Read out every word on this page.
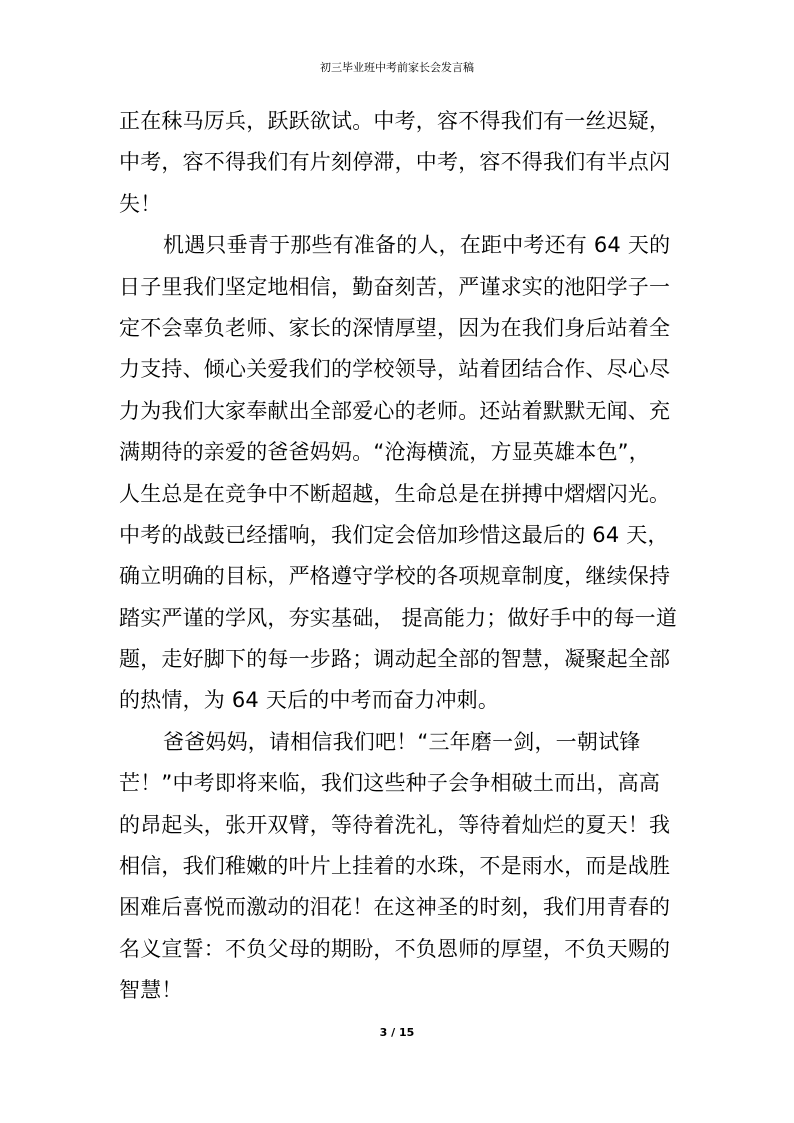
初三毕业班中考前家长会发言稿
正在秣马厉兵，跃跃欲试。中考，容不得我们有一丝迟疑，
中考，容不得我们有片刻停滞，中考，容不得我们有半点闪
失！
机遇只垂青于那些有准备的人，在距中考还有 64 天的
日子里我们坚定地相信，勤奋刻苦，严谨求实的池阳学子一
定不会辜负老师、家长的深情厚望，因为在我们身后站着全
力支持、倾心关爱我们的学校领导，站着团结合作、尽心尽
力为我们大家奉献出全部爱心的老师。还站着默默无闻、充
满期待的亲爱的爸爸妈妈。“沧海横流，方显英雄本色”，
人生总是在竞争中不断超越，生命总是在拼搏中熠熠闪光。
中考的战鼓已经擂响，我们定会倍加珍惜这最后的 64 天，
确立明确的目标，严格遵守学校的各项规章制度，继续保持
踏实严谨的学风，夯实基础， 提高能力；做好手中的每一道
题，走好脚下的每一步路；调动起全部的智慧，凝聚起全部
的热情，为 64 天后的中考而奋力冲刺。
爸爸妈妈，请相信我们吧！“三年磨一剑，一朝试锋
芒！”中考即将来临，我们这些种子会争相破土而出，高高
的昂起头，张开双臂，等待着洗礼，等待着灿烂的夏天！我
相信，我们稚嫩的叶片上挂着的水珠，不是雨水，而是战胜
困难后喜悦而激动的泪花！在这神圣的时刻，我们用青春的
名义宣誓：不负父母的期盼，不负恩师的厚望，不负天赐的
智慧！
3 / 15
